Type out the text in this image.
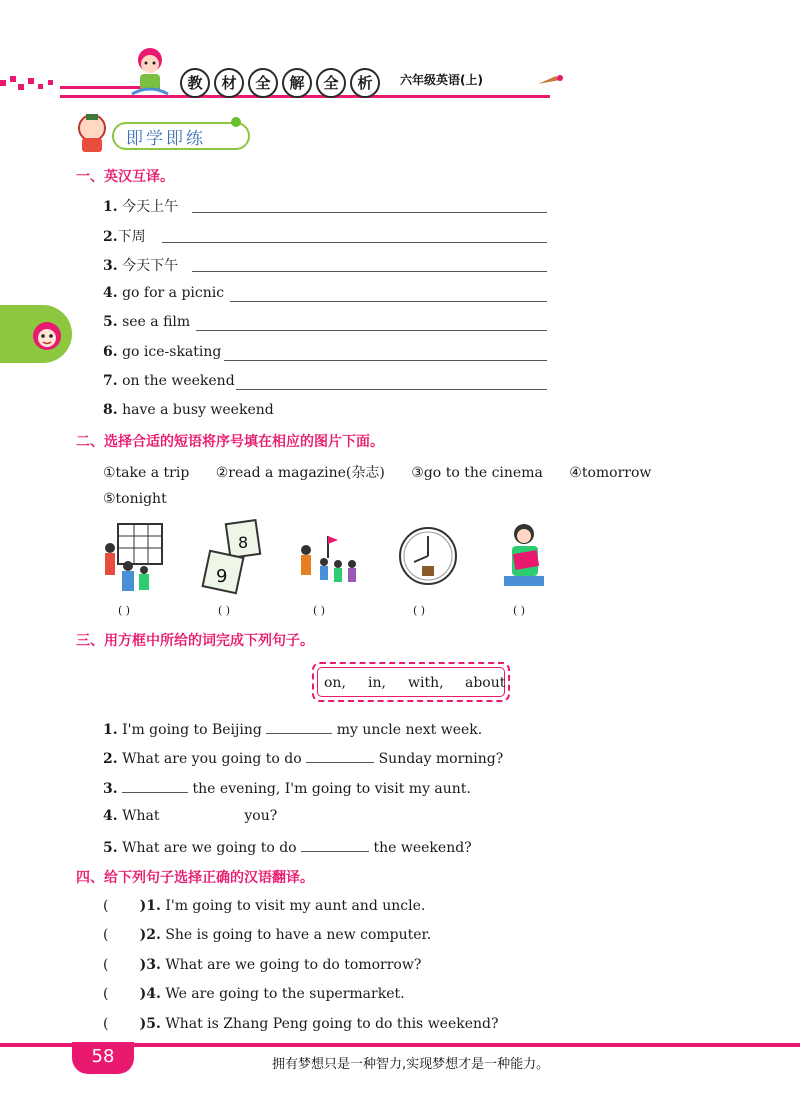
教	材	全	解	全	析	六年级英语(上)
即学即练
一、英汉互译。
1. 今天上午
2.下周
3. 今天下午
4. go for a picnic
5. see a film
6. go ice-skating
7. on the weekend
8. have a busy weekend
二、选择合适的短语将序号填在相应的图片下面。
①take a trip ②read a magazine(杂志) ③go to the cinema ④tomorrow
⑤tonight
8
9
( )	( )	( )	( )	( )
三、用方框中所给的词完成下列句子。
on, in, with, about
1. I'm going to Beijing	my uncle next week.
2. What are you going to do	Sunday morning?
3.	the evening, I'm going to visit my aunt.
4. What	you?
5. What are we going to do	the weekend?
四、给下列句子选择正确的汉语翻译。
(       )1. I'm going to visit my aunt and uncle.
(       )2. She is going to have a new computer.
(       )3. What are we going to do tomorrow?
(       )4. We are going to the supermarket.
(       )5. What is Zhang Peng going to do this weekend?
58	拥有梦想只是一种智力,实现梦想才是一种能力。
